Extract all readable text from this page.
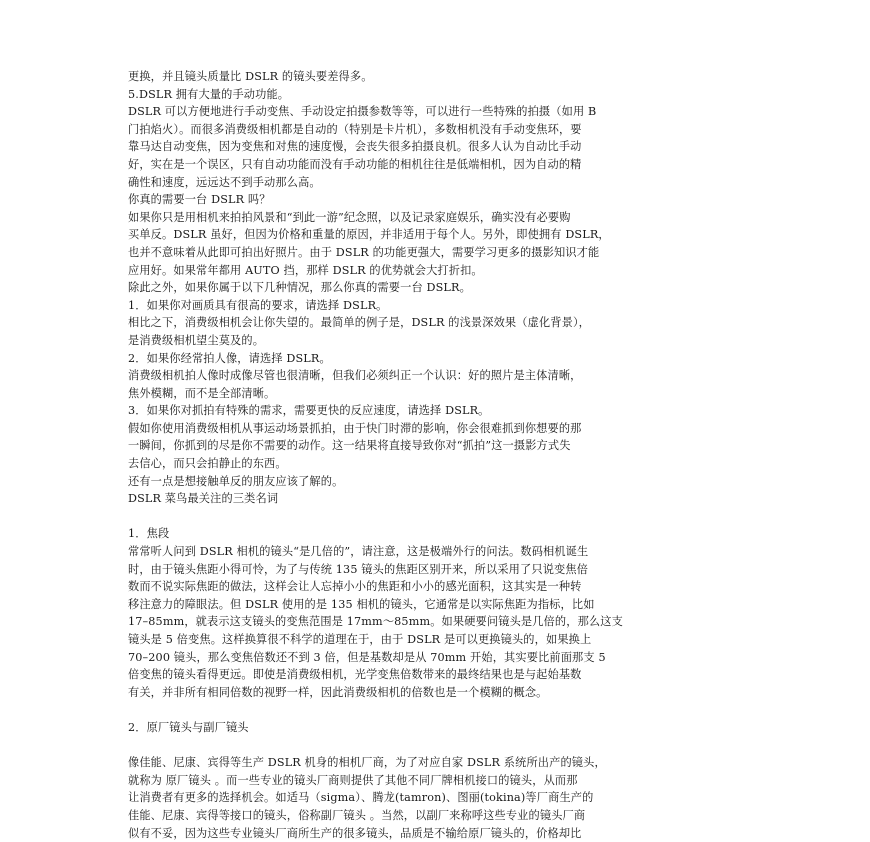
更换，并且镜头质量比 DSLR 的镜头要差得多。
5.DSLR 拥有大量的手动功能。
DSLR 可以方便地进行手动变焦、手动设定拍摄参数等等，可以进行一些特殊的拍摄（如用 B
门拍焰火）。而很多消费级相机都是自动的（特别是卡片机），多数相机没有手动变焦环，要
靠马达自动变焦，因为变焦和对焦的速度慢，会丧失很多拍摄良机。很多人认为自动比手动
好，实在是一个误区，只有自动功能而没有手动功能的相机往往是低端相机，因为自动的精
确性和速度，远远达不到手动那么高。
你真的需要一台 DSLR 吗？
如果你只是用相机来拍拍风景和“到此一游”纪念照，以及记录家庭娱乐，确实没有必要购
买单反。DSLR 虽好，但因为价格和重量的原因，并非适用于每个人。另外，即使拥有 DSLR，
也并不意味着从此即可拍出好照片。由于 DSLR 的功能更强大，需要学习更多的摄影知识才能
应用好。如果常年都用 AUTO 挡，那样 DSLR 的优势就会大打折扣。
除此之外，如果你属于以下几种情况，那么你真的需要一台 DSLR。
1．如果你对画质具有很高的要求，请选择 DSLR。
相比之下，消费级相机会让你失望的。最简单的例子是，DSLR 的浅景深效果（虚化背景），
是消费级相机望尘莫及的。
2．如果你经常拍人像，请选择 DSLR。
消费级相机拍人像时成像尽管也很清晰，但我们必须纠正一个认识：好的照片是主体清晰，
焦外模糊，而不是全部清晰。
3．如果你对抓拍有特殊的需求，需要更快的反应速度，请选择 DSLR。
假如你使用消费级相机从事运动场景抓拍，由于快门时滞的影响，你会很难抓到你想要的那
一瞬间，你抓到的尽是你不需要的动作。这一结果将直接导致你对“抓拍”这一摄影方式失
去信心，而只会拍静止的东西。
还有一点是想接触单反的朋友应该了解的。
DSLR 菜鸟最关注的三类名词
1．焦段
常常听人问到 DSLR 相机的镜头“是几倍的”，请注意，这是极端外行的问法。数码相机诞生
时，由于镜头焦距小得可怜，为了与传统 135 镜头的焦距区别开来，所以采用了只说变焦倍
数而不说实际焦距的做法，这样会让人忘掉小小的焦距和小小的感光面积，这其实是一种转
移注意力的障眼法。但 DSLR 使用的是 135 相机的镜头，它通常是以实际焦距为指标，比如
17–85mm，就表示这支镜头的变焦范围是 17mm～85mm。如果硬要问镜头是几倍的，那么这支
镜头是 5 倍变焦。这样换算很不科学的道理在于，由于 DSLR 是可以更换镜头的，如果换上
70–200 镜头，那么变焦倍数还不到 3 倍，但是基数却是从 70mm 开始，其实要比前面那支 5
倍变焦的镜头看得更远。即使是消费级相机，光学变焦倍数带来的最终结果也是与起始基数
有关，并非所有相同倍数的视野一样，因此消费级相机的倍数也是一个模糊的概念。
2．原厂镜头与副厂镜头
像佳能、尼康、宾得等生产 DSLR 机身的相机厂商，为了对应自家 DSLR 系统所出产的镜头，
就称为 原厂镜头 。而一些专业的镜头厂商则提供了其他不同厂牌相机接口的镜头，从而那
让消费者有更多的选择机会。如适马（sigma）、腾龙(tamron)、图丽(tokina)等厂商生产的
佳能、尼康、宾得等接口的镜头，俗称副厂镜头 。当然，以副厂来称呼这些专业的镜头厂商
似有不妥，因为这些专业镜头厂商所生产的很多镜头，品质是不输给原厂镜头的，价格却比
